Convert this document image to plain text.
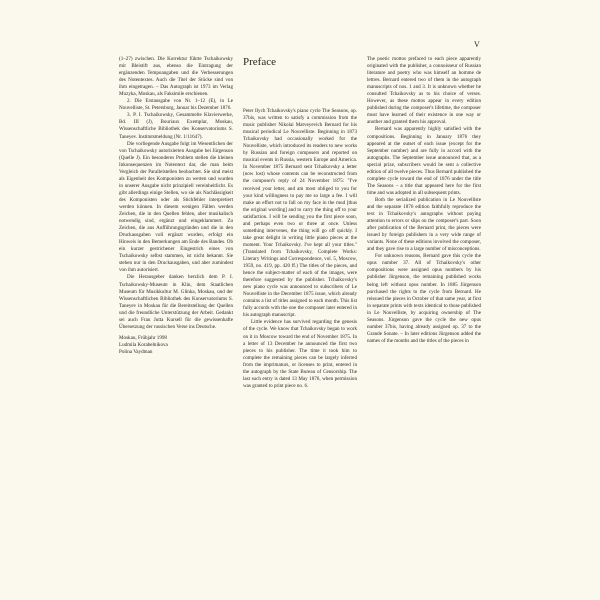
V

(1–27) zwischen. Die Korrektur führte Tschaikowsky mit Bleistift aus, ebenso die Eintragung der ergänzenden Tempoangaben und die Verbesserungen des Notentextes. Auch die Titel der Stücke sind von ihm eingetragen. – Das Autograph ist 1973 im Verlag Muzyka, Moskau, als Faksimile erschienen.

2. Die Erstausgabe von Nr. 1–12 (E), in Le Nouvelliste, St. Petersburg, Januar bis Dezember 1876.

3. P. I. Tschaikowsky, Gesammelte Klavierwerke, Bd. III (J), Bouriaux Exemplar, Moskau, Wissenschaftliche Bibliothek des Konservatoriums S. Taneyev. Institutsmeldung (Nr. 1/11647).

Die vorliegende Ausgabe folgt im Wesentlichen der von Tschaikowsky autorisierten Ausgabe bei Jürgenson (Quelle J). Ein besonderes Problem stellen die kleinen Inkonsequenzen im Notentext dar, die man beim Vergleich der Parallelstellen beobachtet. Sie sind meist als Eigenheit des Komponisten zu werten und wurden in unserer Ausgabe nicht prinzipiell vereinheitlicht. Es gibt allerdings einige Stellen, wo sie als Nachlässigkeit des Komponisten oder als Stichfehler interpretiert werden können. In diesem wenigen Fällen werden Zeichen, die in den Quellen fehlen, aber musikalisch notwendig sind, ergänzt und eingeklammert. Zu Zeichen, die aus Aufführungsgründen und die in den Druckausgaben voll ergänzt wurden, erfolgt ein Hinweis in den Bemerkungen am Ende des Bandes. Ob ein kurzer gestrichener Eingestrich eines von Tschaikowsky selbst stammen, ist nicht bekannt. Sie stehen nur in den Druckausgaben, und aber zumindest von ihm autorisiert.

Die Herausgeber danken herzlich dem P. I. Tschaikowsky-Museum in Klin, dem Staatlichen Museum für Musikkultur M. Glinka, Moskau, und der Wissenschaftlichen Bibliothek des Konservatoriums S. Taneyev in Moskau für die Bereitstellung der Quellen und die freundliche Unterstützung der Arbeit. Gedankt sei auch Frau Jutta Kursell für die gewissenhafte Übersetzung der russischen Verse ins Deutsche.

Moskau, Frühjahr 1998
Ludmila Korabelnikova
Polina Vaydman
Preface

Peter Ilych Tchaikovsky's piano cycle The Seasons, op. 37bis, was written to satisfy a commission from the music publisher Nikolai Matveyevich Bernard for his musical periodical Le Nouvelliste. Beginning in 1873 Tchaikovsky had occasionally worked for the Nouvelliste, which introduced its readers to new works by Russian and foreign composers and reported on musical events in Russia, western Europe and America. In November 1875 Bernard sent Tchaikovsky a letter (now lost) whose contents can be reconstructed from the composer's reply of 24 November 1875: "I've received your letter, and am most obliged to you for your kind willingness to pay me so large a fee. I will make an effort not to fall on my face in the mud [thus the original wording] and to carry the thing off to your satisfaction. I will be sending you the first piece soon, and perhaps even two or three at once. Unless something intervenes, the thing will go off quickly. I take great delight in writing little piano pieces at the moment. Your Tchaikovsky. I've kept all your titles." (Translated from Tchaikovsky, Complete Works: Literary Writings and Correspondence, vol. 5, Moscow, 1959, no. 419, pp. 420 ff.) The titles of the pieces, and hence the subject-matter of each of the images, were therefore suggested by the publisher. Tchaikovsky's new piano cycle was announced to subscribers of Le Nouvelliste in the December 1875 issue, which already contains a list of titles assigned to each month. This list fully accords with the one the composer later entered in his autograph manuscript.

Little evidence has survived regarding the genesis of the cycle. We know that Tchaikovsky began to work on it in Moscow toward the end of November 1875. In a letter of 13 December he announced the first two pieces to his publisher. The time it took him to complete the remaining pieces can be largely inferred from the imprimaturs, or licenses to print, entered in the autograph by the State Bureau of Censorship. The last such entry is dated 13 May 1876, when permission was granted to print piece no. 6.

The poetic mottos prefaced to each piece apparently originated with the publisher, a connoisseur of Russian literature and poetry who was himself an homme de lettres. Bernard entered two of them in the autograph manuscripts of nos. 1 and 3. It is unknown whether he consulted Tchaikovsky as to his choice of verses. However, as these mottos appear in every edition published during the composer's lifetime, the composer must have learned of their existence in one way or another and granted them his approval.

Bernard was apparently highly satisfied with the compositions. Beginning in January 1876 they appeared at the outset of each issue (except for the September number) and are fully in accord with the autographs. The September issue announced that, as a special prize, subscribers would be sent a collective edition of all twelve pieces. Thus Bernard published the complete cycle toward the end of 1876 under the title The Seasons – a title that appeared here for the first time and was adopted in all subsequent prints.

Both the serialized publication in Le Nouvelliste and the separate 1876 edition faithfully reproduce the text in Tchaikovsky's autographs without paying attention to errors or slips on the composer's part. Soon after publication of the Bernard print, the pieces were issued by foreign publishers in a very wide range of variants. None of these editions involved the composer, and they gave rise to a large number of misconceptions.

For unknown reasons, Bernard gave this cycle the opus number 37. All of Tchaikovsky's other compositions were assigned opus numbers by his publisher Jürgenson, the remaining published works being left without opus number. In 1885 Jürgenson purchased the rights to the cycle from Bernard. He reissued the pieces in October of that same year, at first in separate prints with texts identical to those published in Le Nouvelliste, by acquiring ownership of The Seasons. Jürgenson gave the cycle the new opus number 37bis, having already assigned op. 37 to the Grande Sonate. – In later editions Jürgenson added the names of the months and the titles of the pieces in
